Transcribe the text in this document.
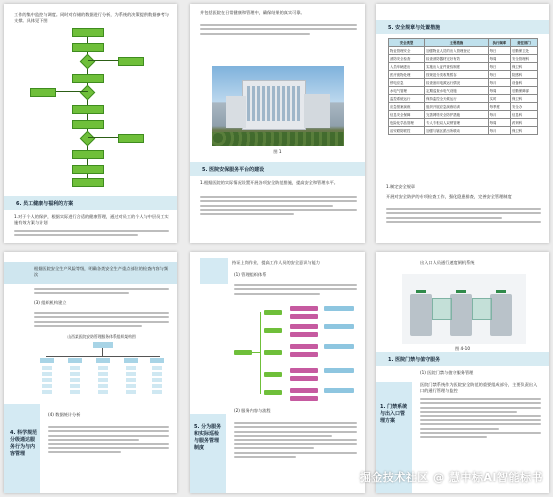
工作的集中监控与调度。同时对存储的数据进行分析，为系统的决策提供数据参考与支撑。具体见下图
6. 员工健康与福利的方案
1.对于个人的保护，根据实际进行合适的健康管理，通过对员工的个人与中层员工实施有效方案与计划
并包括医院在日常健康和管理中，确保结果的真实可靠。
图 1
5. 医院安保服务平台的建设
1.根据医院的实际情况设置开展各项安全防范措施，提高安全和管理水平。
5. 安全规章与处置措施
安全类型	主要措施	执行频率	责任部门
物业管理安全	加强物业人员的出入管理登记	每日	后勤保卫处
消防安全检查	检查消防器材完好有效	每周	安全管理科
入员车辆进出	实施出入证件查验制度	每日	保卫科
医疗废物处理	按规范分类收集暂存	每日	院感科
停电应急	检查备用电源运行情况	每月	设备科
水电气管理	定期巡查水电气设施	每周	后勤保障部
监控系统运行	保持监控全天候运行	实时	保卫科
应急预案演练	组织开展应急演练培训	每季度	安全办
信息安全保障	完善网络安全防护措施	每月	信息科
危险化学品管理	专人专柜双人双锁管理	每周	药剂科
治安联防联控	加强与辖区派出所联动	每月	保卫科
1.制定安全规章
开展对安全防护的专项检查工作，强化隐患排查，完善安全管理制度
根据医院安全生产风险等级，明确各类安全生产重点部位的检查内容与频次
(3) 组织机构建立
山西某医院安防管理服务体系组织架构图
4. 科学规范
分级通达服
务行为与内
容管理
(4) 数据统计分析
持证上岗作业，提高工作人员的安全意识与能力
(1) 管理组织体系
(2) 服务内容与流程
5. 分为服务
和实际巡检
与服务管理
制度
出入口人员通行速度闸机系统
图 4-10
1. 医院门禁与值守服务
(1) 医院门禁与值守服务管理
1. 门禁系统
与出入口管
理方案
医院门禁系统作为医院安全防范的重要组成部分，主要负责出入口的通行管理与监控
掘金技术社区 @ 慧中标AI智能标书
